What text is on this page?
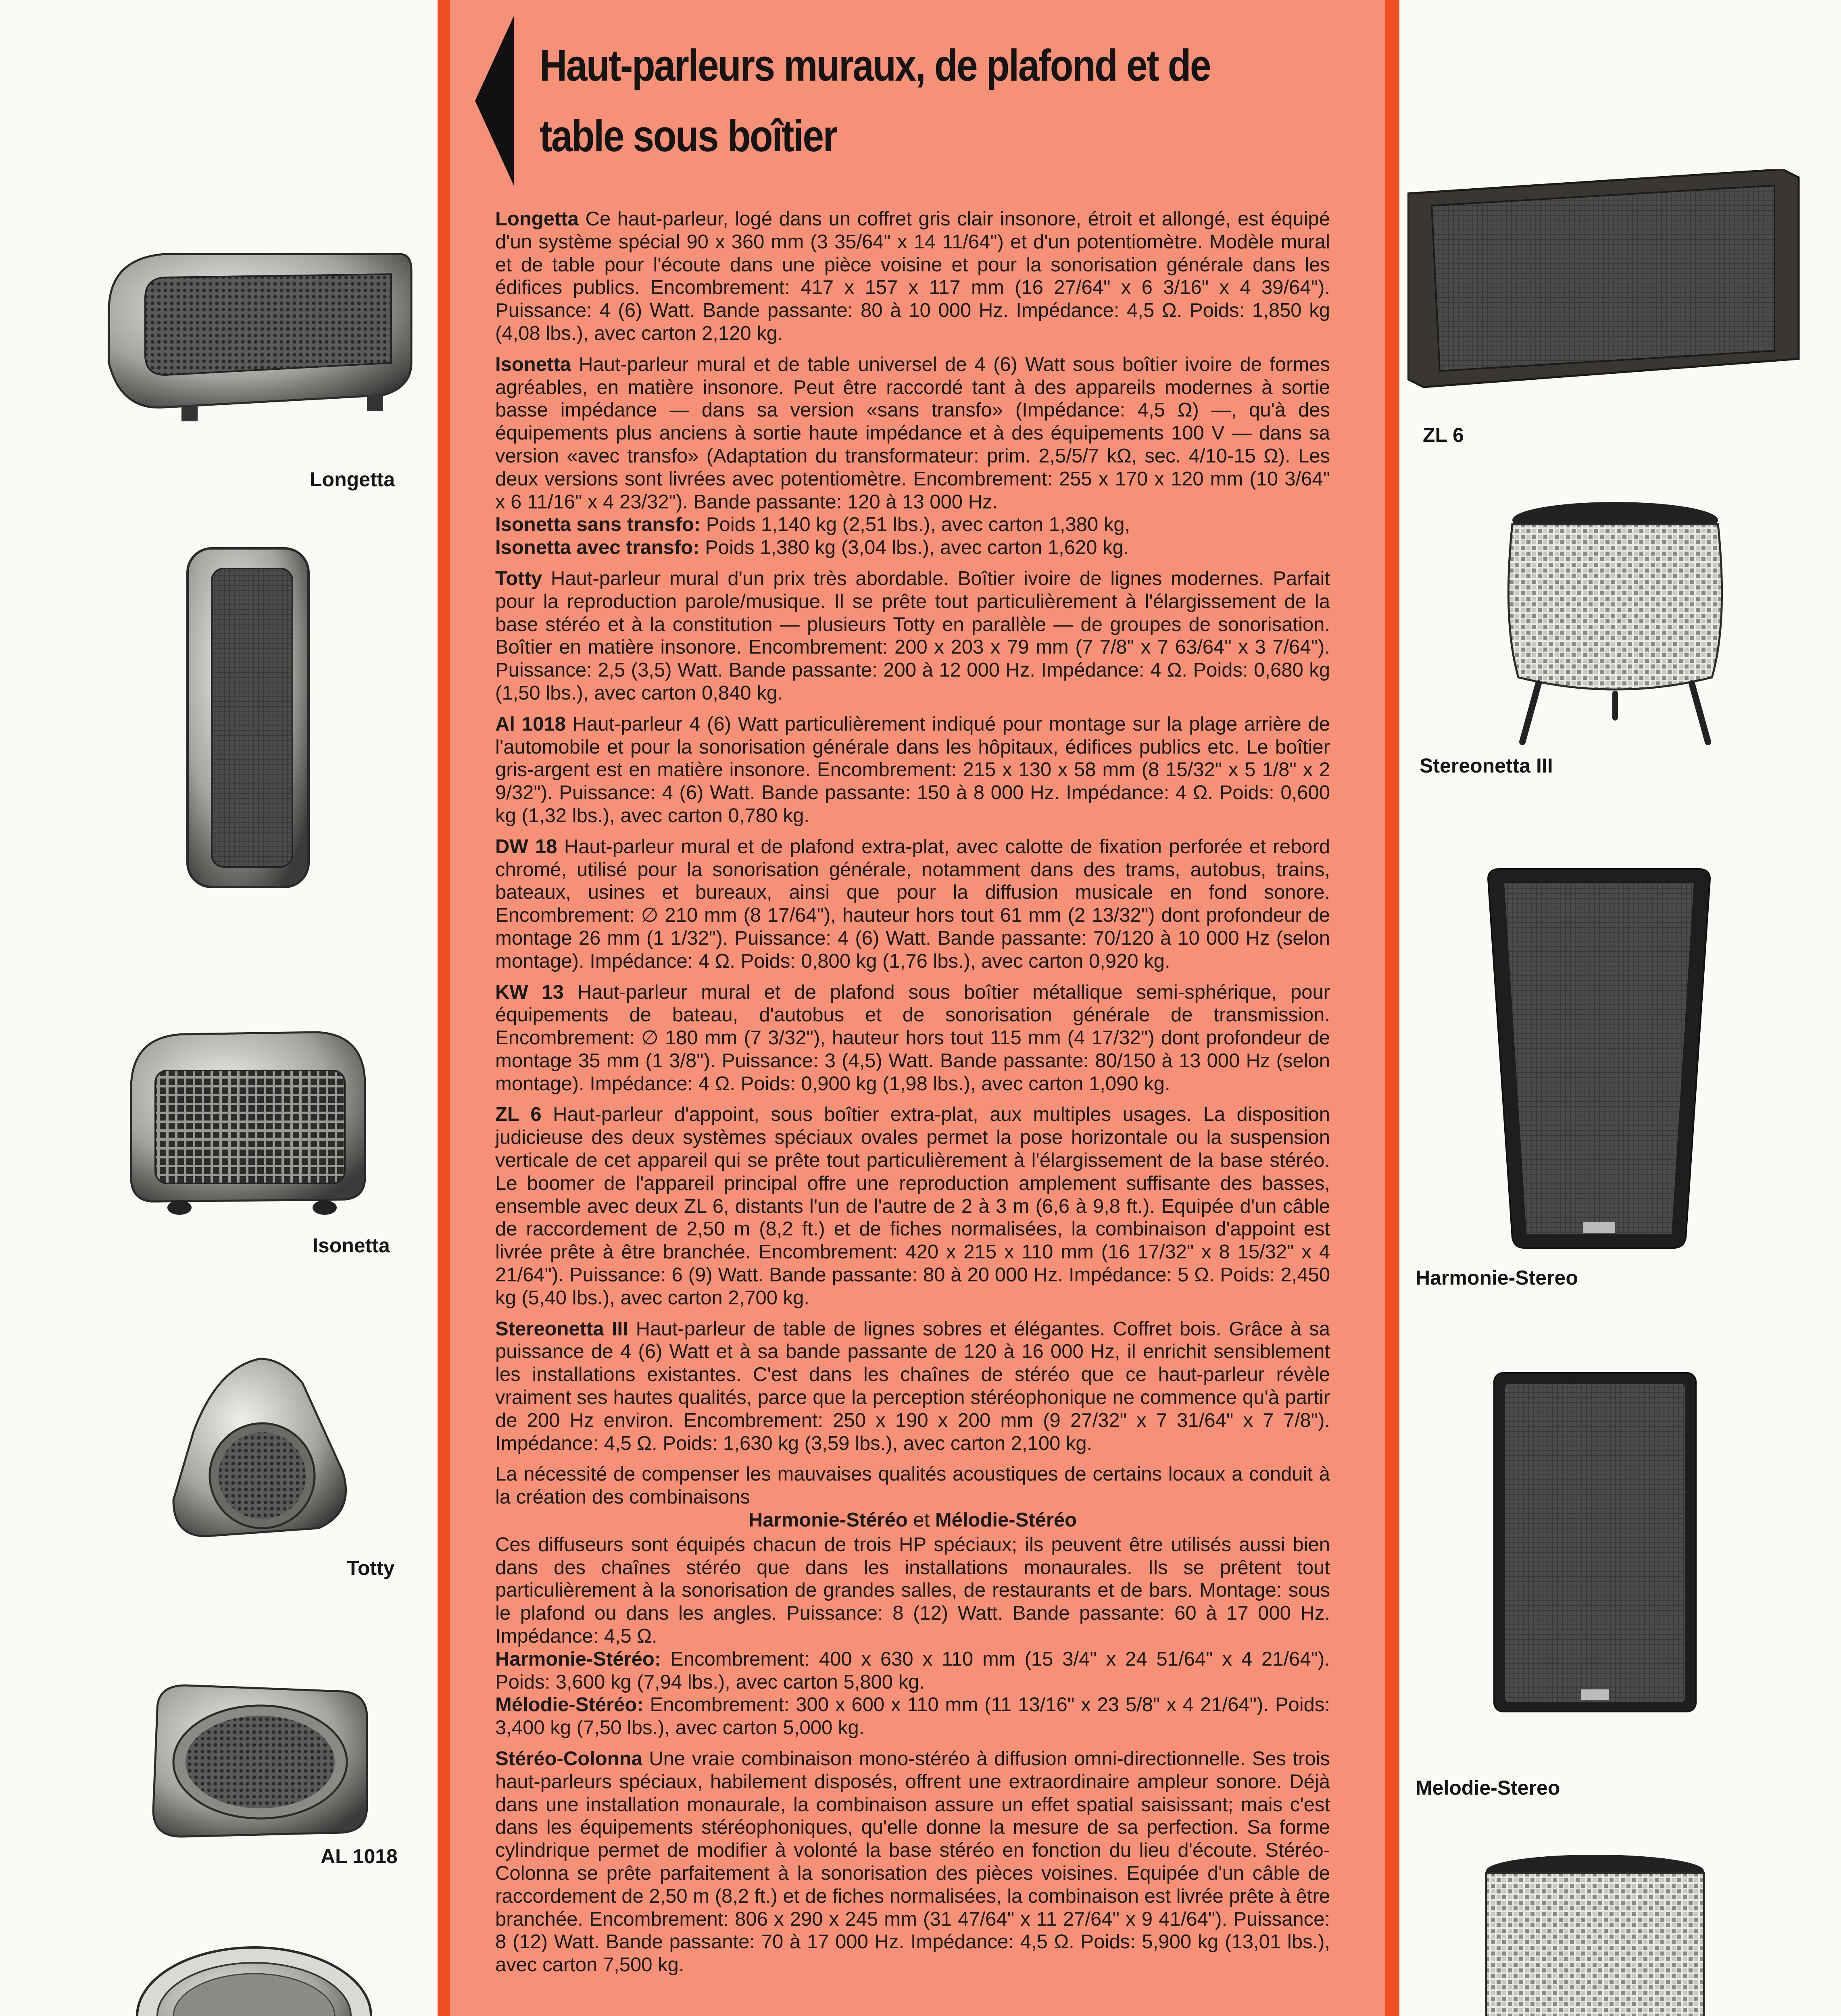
Haut-parleurs muraux, de plafond et de
table sous boîtier

Longetta Ce haut-parleur, logé dans un coffret gris clair insonore, étroit et allongé, est équipé d'un système spécial 90 x 360 mm (3 35/64" x 14 11/64") et d'un potentiomètre. Modèle mural et de table pour l'écoute dans une pièce voisine et pour la sonorisation générale dans les édifices publics. Encombrement: 417 x 157 x 117 mm (16 27/64" x 6 3/16" x 4 39/64"). Puissance: 4 (6) Watt. Bande passante: 80 à 10 000 Hz. Impédance: 4,5 Ω. Poids: 1,850 kg (4,08 lbs.), avec carton 2,120 kg.

Isonetta Haut-parleur mural et de table universel de 4 (6) Watt sous boîtier ivoire de formes agréables, en matière insonore. Peut être raccordé tant à des appareils modernes à sortie basse impédance — dans sa version «sans transfo» (Impédance: 4,5 Ω) —, qu'à des équipements plus anciens à sortie haute impédance et à des équipements 100 V — dans sa version «avec transfo» (Adaptation du transformateur: prim. 2,5/5/7 kΩ, sec. 4/10-15 Ω). Les deux versions sont livrées avec potentiomètre. Encombrement: 255 x 170 x 120 mm (10 3/64" x 6 11/16" x 4 23/32"). Bande passante: 120 à 13 000 Hz.

Isonetta sans transfo: Poids 1,140 kg (2,51 lbs.), avec carton 1,380 kg,

Isonetta avec transfo: Poids 1,380 kg (3,04 lbs.), avec carton 1,620 kg.

Totty Haut-parleur mural d'un prix très abordable. Boîtier ivoire de lignes modernes. Parfait pour la reproduction parole/musique. Il se prête tout particulièrement à l'élargissement de la base stéréo et à la constitution — plusieurs Totty en parallèle — de groupes de sonorisation. Boîtier en matière insonore. Encombrement: 200 x 203 x 79 mm (7 7/8" x 7 63/64" x 3 7/64"). Puissance: 2,5 (3,5) Watt. Bande passante: 200 à 12 000 Hz. Impédance: 4 Ω. Poids: 0,680 kg (1,50 lbs.), avec carton 0,840 kg.

Al 1018 Haut-parleur 4 (6) Watt particulièrement indiqué pour montage sur la plage arrière de l'automobile et pour la sonorisation générale dans les hôpitaux, édifices publics etc. Le boîtier gris-argent est en matière insonore. Encombrement: 215 x 130 x 58 mm (8 15/32" x 5 1/8" x 2 9/32"). Puissance: 4 (6) Watt. Bande passante: 150 à 8 000 Hz. Impédance: 4 Ω. Poids: 0,600 kg (1,32 lbs.), avec carton 0,780 kg.

DW 18 Haut-parleur mural et de plafond extra-plat, avec calotte de fixation perforée et rebord chromé, utilisé pour la sonorisation générale, notamment dans des trams, autobus, trains, bateaux, usines et bureaux, ainsi que pour la diffusion musicale en fond sonore. Encombrement: ∅ 210 mm (8 17/64"), hauteur hors tout 61 mm (2 13/32") dont profondeur de montage 26 mm (1 1/32"). Puissance: 4 (6) Watt. Bande passante: 70/120 à 10 000 Hz (selon montage). Impédance: 4 Ω. Poids: 0,800 kg (1,76 lbs.), avec carton 0,920 kg.

KW 13 Haut-parleur mural et de plafond sous boîtier métallique semi-sphérique, pour équipements de bateau, d'autobus et de sonorisation générale de transmission. Encombrement: ∅ 180 mm (7 3/32"), hauteur hors tout 115 mm (4 17/32") dont profondeur de montage 35 mm (1 3/8"). Puissance: 3 (4,5) Watt. Bande passante: 80/150 à 13 000 Hz (selon montage). Impédance: 4 Ω. Poids: 0,900 kg (1,98 lbs.), avec carton 1,090 kg.

ZL 6 Haut-parleur d'appoint, sous boîtier extra-plat, aux multiples usages. La disposition judicieuse des deux systèmes spéciaux ovales permet la pose horizontale ou la suspension verticale de cet appareil qui se prête tout particulièrement à l'élargissement de la base stéréo. Le boomer de l'appareil principal offre une reproduction amplement suffisante des basses, ensemble avec deux ZL 6, distants l'un de l'autre de 2 à 3 m (6,6 à 9,8 ft.). Equipée d'un câble de raccordement de 2,50 m (8,2 ft.) et de fiches normalisées, la combinaison d'appoint est livrée prête à être branchée. Encombrement: 420 x 215 x 110 mm (16 17/32" x 8 15/32" x 4 21/64"). Puissance: 6 (9) Watt. Bande passante: 80 à 20 000 Hz. Impédance: 5 Ω. Poids: 2,450 kg (5,40 lbs.), avec carton 2,700 kg.

Stereonetta III Haut-parleur de table de lignes sobres et élégantes. Coffret bois. Grâce à sa puissance de 4 (6) Watt et à sa bande passante de 120 à 16 000 Hz, il enrichit sensiblement les installations existantes. C'est dans les chaînes de stéréo que ce haut-parleur révèle vraiment ses hautes qualités, parce que la perception stéréophonique ne commence qu'à partir de 200 Hz environ. Encombrement: 250 x 190 x 200 mm (9 27/32" x 7 31/64" x 7 7/8"). Impédance: 4,5 Ω. Poids: 1,630 kg (3,59 lbs.), avec carton 2,100 kg.

La nécessité de compenser les mauvaises qualités acoustiques de certains locaux a conduit à la création des combinaisons

Harmonie-Stéréo et Mélodie-Stéréo

Ces diffuseurs sont équipés chacun de trois HP spéciaux; ils peuvent être utilisés aussi bien dans des chaînes stéréo que dans les installations monaurales. Ils se prêtent tout particulièrement à la sonorisation de grandes salles, de restaurants et de bars. Montage: sous le plafond ou dans les angles. Puissance: 8 (12) Watt. Bande passante: 60 à 17 000 Hz. Impédance: 4,5 Ω.

Harmonie-Stéréo: Encombrement: 400 x 630 x 110 mm (15 3/4" x 24 51/64" x 4 21/64"). Poids: 3,600 kg (7,94 lbs.), avec carton 5,800 kg.

Mélodie-Stéréo: Encombrement: 300 x 600 x 110 mm (11 13/16" x 23 5/8" x 4 21/64"). Poids: 3,400 kg (7,50 lbs.), avec carton 5,000 kg.

Stéréo-Colonna Une vraie combinaison mono-stéréo à diffusion omni-directionnelle. Ses trois haut-parleurs spéciaux, habilement disposés, offrent une extraordinaire ampleur sonore. Déjà dans une installation monaurale, la combinaison assure un effet spatial saisissant; mais c'est dans les équipements stéréophoniques, qu'elle donne la mesure de sa perfection. Sa forme cylindrique permet de modifier à volonté la base stéréo en fonction du lieu d'écoute. Stéréo-Colonna se prête parfaitement à la sonorisation des pièces voisines. Equipée d'un câble de raccordement de 2,50 m (8,2 ft.) et de fiches normalisées, la combinaison est livrée prête à être branchée. Encombrement: 806 x 290 x 245 mm (31 47/64" x 11 27/64" x 9 41/64"). Puissance: 8 (12) Watt. Bande passante: 70 à 17 000 Hz. Impédance: 4,5 Ω. Poids: 5,900 kg (13,01 lbs.), avec carton 7,500 kg.

Longetta
Isonetta
Totty
AL 1018
ZL 6
Stereonetta III
Harmonie-Stereo
Melodie-Stereo
